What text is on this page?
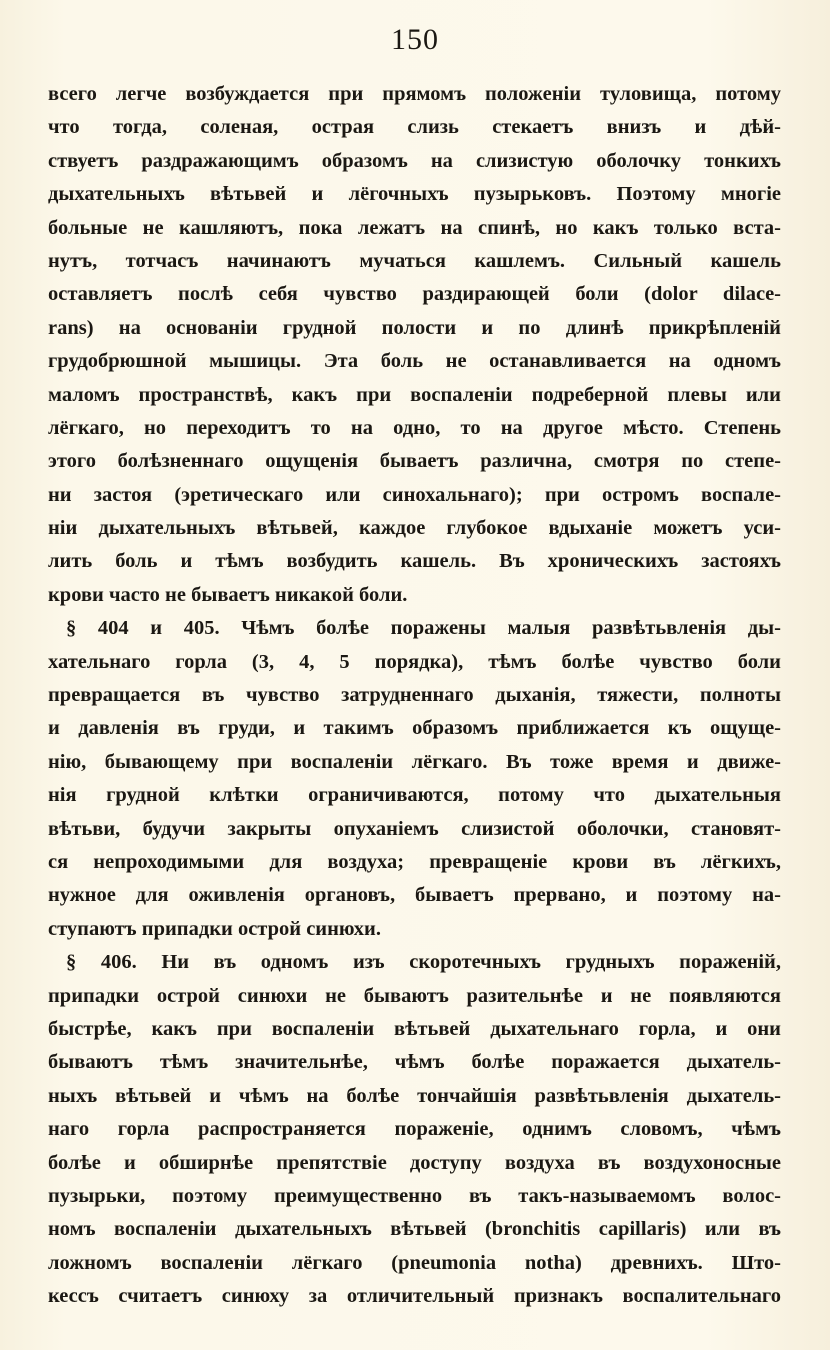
150
всего легче возбуждается при прямомъ положеніи туловища, потому
что тогда, соленая, острая слизь стекаетъ внизъ и дѣй-
ствуетъ раздражающимъ образомъ на слизистую оболочку тонкихъ
дыхательныхъ вѣтьвей и лёгочныхъ пузырьковъ. Поэтому многіе
больные не кашляютъ, пока лежатъ на спинѣ, но какъ только вста-
нутъ, тотчасъ начинаютъ мучаться кашлемъ. Сильный кашель
оставляетъ послѣ себя чувство раздирающей боли (dolor dilace-
rans) на основаніи грудной полости и по длинѣ прикрѣпленій
грудобрюшной мышицы. Эта боль не останавливается на одномъ
маломъ пространствѣ, какъ при воспаленіи подреберной плевы или
лёгкаго, но переходитъ то на одно, то на другое мѣсто. Степень
этого болѣзненнаго ощущенія бываетъ различна, смотря по степе-
ни застоя (эретическаго или синохальнаго); при остромъ воспале-
ніи дыхательныхъ вѣтьвей, каждое глубокое вдыханіе можетъ уси-
лить боль и тѣмъ возбудить кашель. Въ хроническихъ застояхъ
крови часто не бываетъ никакой боли.
§ 404 и 405. Чѣмъ болѣе поражены малыя развѣтьвленія ды-
хательнаго горла (3, 4, 5 порядка), тѣмъ болѣе чувство боли
превращается въ чувство затрудненнаго дыханія, тяжести, полноты
и давленія въ груди, и такимъ образомъ приближается къ ощуще-
нію, бывающему при воспаленіи лёгкаго. Въ тоже время и движе-
нія грудной клѣтки ограничиваются, потому что дыхательныя
вѣтьви, будучи закрыты опуханіемъ слизистой оболочки, становят-
ся непроходимыми для воздуха; превращеніе крови въ лёгкихъ,
нужное для оживленія органовъ, бываетъ прервано, и поэтому на-
ступаютъ припадки острой синюхи.
§ 406. Ни въ одномъ изъ скоротечныхъ грудныхъ пораженій,
припадки острой синюхи не бываютъ разительнѣе и не появляются
быстрѣе, какъ при воспаленіи вѣтьвей дыхательнаго горла, и они
бываютъ тѣмъ значительнѣе, чѣмъ болѣе поражается дыхатель-
ныхъ вѣтьвей и чѣмъ на болѣе тончайшія развѣтьвленія дыхатель-
наго горла распространяется пораженіе, однимъ словомъ, чѣмъ
болѣе и обширнѣе препятствіе доступу воздуха въ воздухоносные
пузырьки, поэтому преимущественно въ такъ-называемомъ волос-
номъ воспаленіи дыхательныхъ вѣтьвей (bronchitis capillaris) или въ
ложномъ воспаленіи лёгкаго (pneumonia notha) древнихъ. Што-
кессъ считаетъ синюху за отличительный признакъ воспалительнаго
